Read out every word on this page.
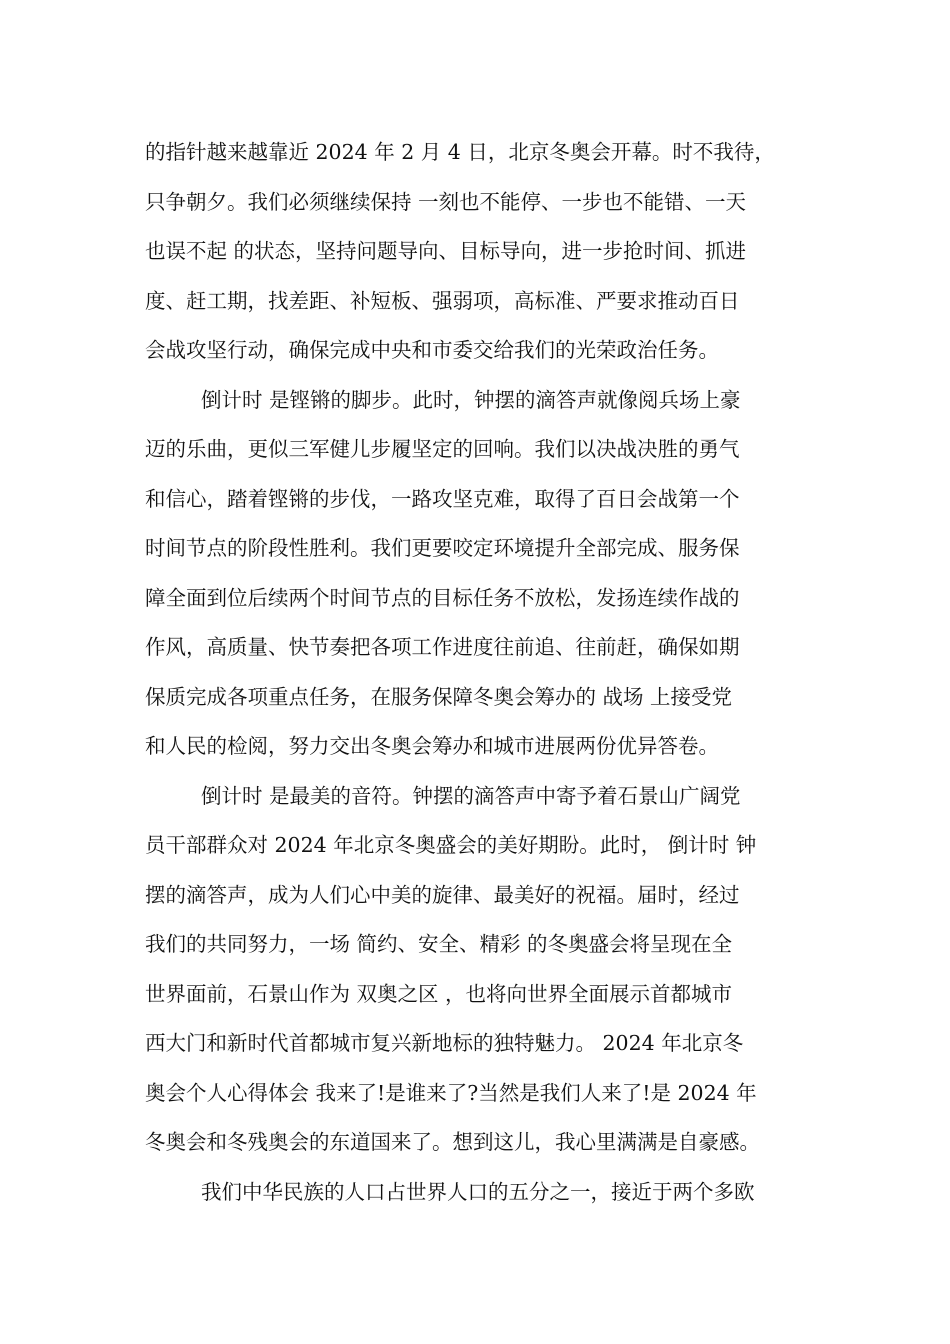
的指针越来越靠近 2024 年 2 月 4 日，北京冬奥会开幕。时不我待，
只争朝夕。我们必须继续保持 一刻也不能停、一步也不能错、一天
也误不起 的状态，坚持问题导向、目标导向，进一步抢时间、抓进
度、赶工期，找差距、补短板、强弱项，高标准、严要求推动百日
会战攻坚行动，确保完成中央和市委交给我们的光荣政治任务。
倒计时 是铿锵的脚步。此时，钟摆的滴答声就像阅兵场上豪
迈的乐曲，更似三军健儿步履坚定的回响。我们以决战决胜的勇气
和信心，踏着铿锵的步伐，一路攻坚克难，取得了百日会战第一个
时间节点的阶段性胜利。我们更要咬定环境提升全部完成、服务保
障全面到位后续两个时间节点的目标任务不放松，发扬连续作战的
作风，高质量、快节奏把各项工作进度往前追、往前赶，确保如期
保质完成各项重点任务，在服务保障冬奥会筹办的 战场 上接受党
和人民的检阅，努力交出冬奥会筹办和城市进展两份优异答卷。
倒计时 是最美的音符。钟摆的滴答声中寄予着石景山广阔党
员干部群众对 2024 年北京冬奥盛会的美好期盼。此时， 倒计时 钟
摆的滴答声，成为人们心中美的旋律、最美好的祝福。届时，经过
我们的共同努力，一场 简约、安全、精彩 的冬奥盛会将呈现在全
世界面前，石景山作为 双奥之区 ，也将向世界全面展示首都城市
西大门和新时代首都城市复兴新地标的独特魅力。 2024 年北京冬
奥会个人心得体会 我来了!是谁来了?当然是我们人来了!是 2024 年
冬奥会和冬残奥会的东道国来了。想到这儿，我心里满满是自豪感。
我们中华民族的人口占世界人口的五分之一，接近于两个多欧
